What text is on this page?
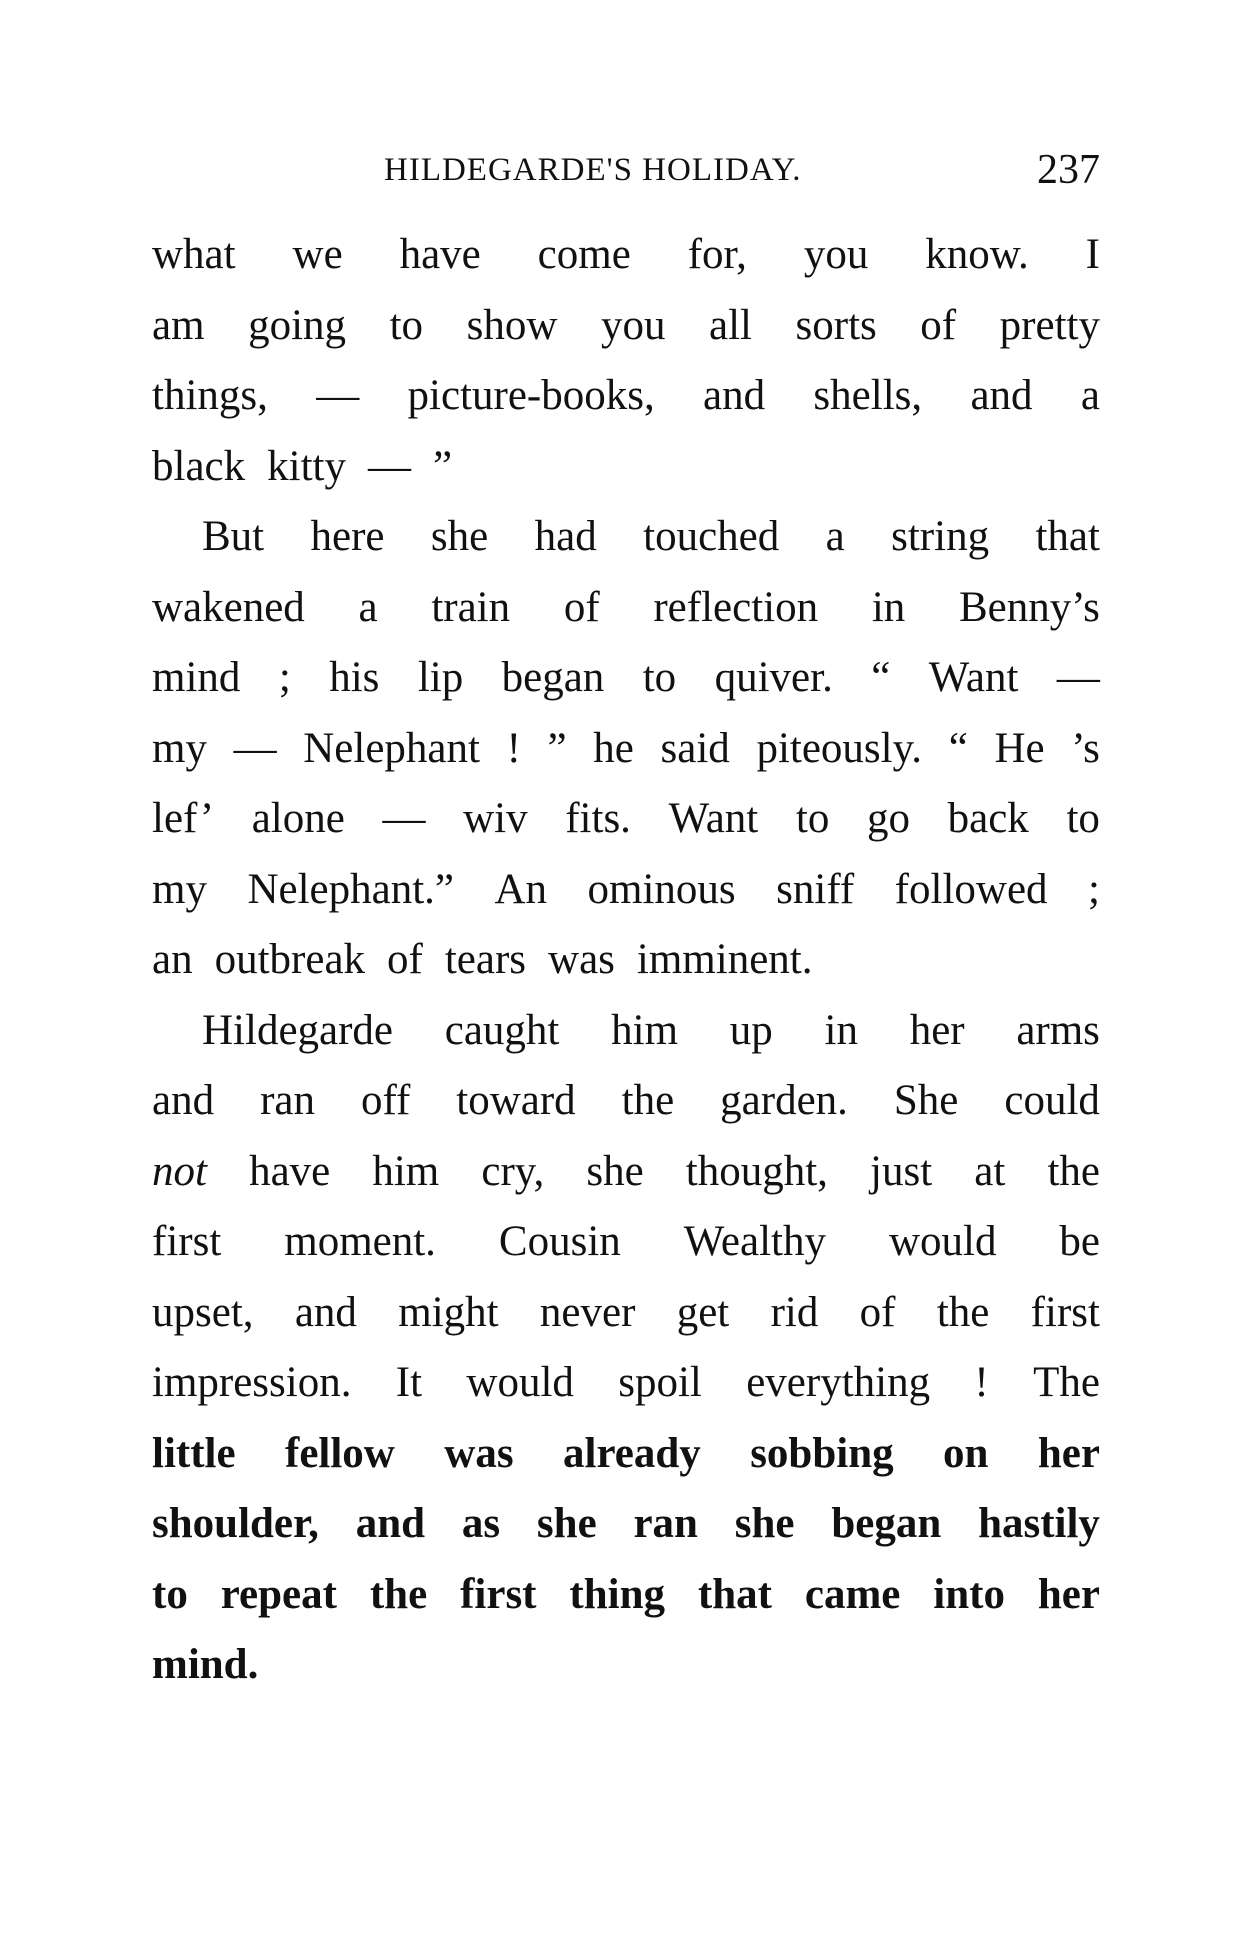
HILDEGARDE'S HOLIDAY.	237
what we have come for, you know. I
am going to show you all sorts of pretty
things, — picture-books, and shells, and a
black kitty — ”
But here she had touched a string that
wakened a train of reflection in Benny’s
mind ; his lip began to quiver. “ Want —
my — Nelephant ! ” he said piteously. “ He ’s
lef’ alone — wiv fits. Want to go back to
my Nelephant.” An ominous sniff followed ;
an outbreak of tears was imminent.
Hildegarde caught him up in her arms
and ran off toward the garden. She could
not have him cry, she thought, just at the
first moment. Cousin Wealthy would be
upset, and might never get rid of the first
impression. It would spoil everything ! The
little fellow was already sobbing on her
shoulder, and as she ran she began hastily
to repeat the first thing that came into her
mind.
